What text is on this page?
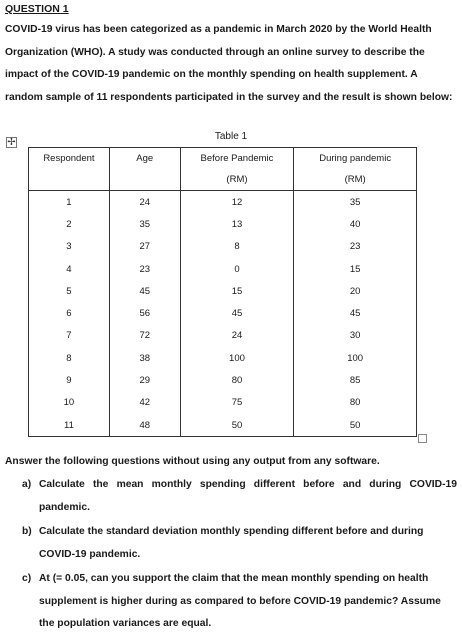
QUESTION 1
COVID-19 virus has been categorized as a pandemic in March 2020 by the World Health Organization (WHO). A study was conducted through an online survey to describe the impact of the COVID-19 pandemic on the monthly spending on health supplement. A random sample of 11 respondents participated in the survey and the result is shown below:
Table 1
✢
Respondent	Age	Before Pandemic	During pandemic
		(RM)	(RM)
1	24	12	35
2	35	13	40
3	27	8	23
4	23	0	15
5	45	15	20
6	56	45	45
7	72	24	30
8	38	100	100
9	29	80	85
10	42	75	80
11	48	50	50
Answer the following questions without using any output from any software.
a) Calculate the mean monthly spending different before and during COVID-19 pandemic.
b) Calculate the standard deviation monthly spending different before and during COVID-19 pandemic.
c) At (= 0.05, can you support the claim that the mean monthly spending on health supplement is higher during as compared to before COVID-19 pandemic? Assume the population variances are equal.
